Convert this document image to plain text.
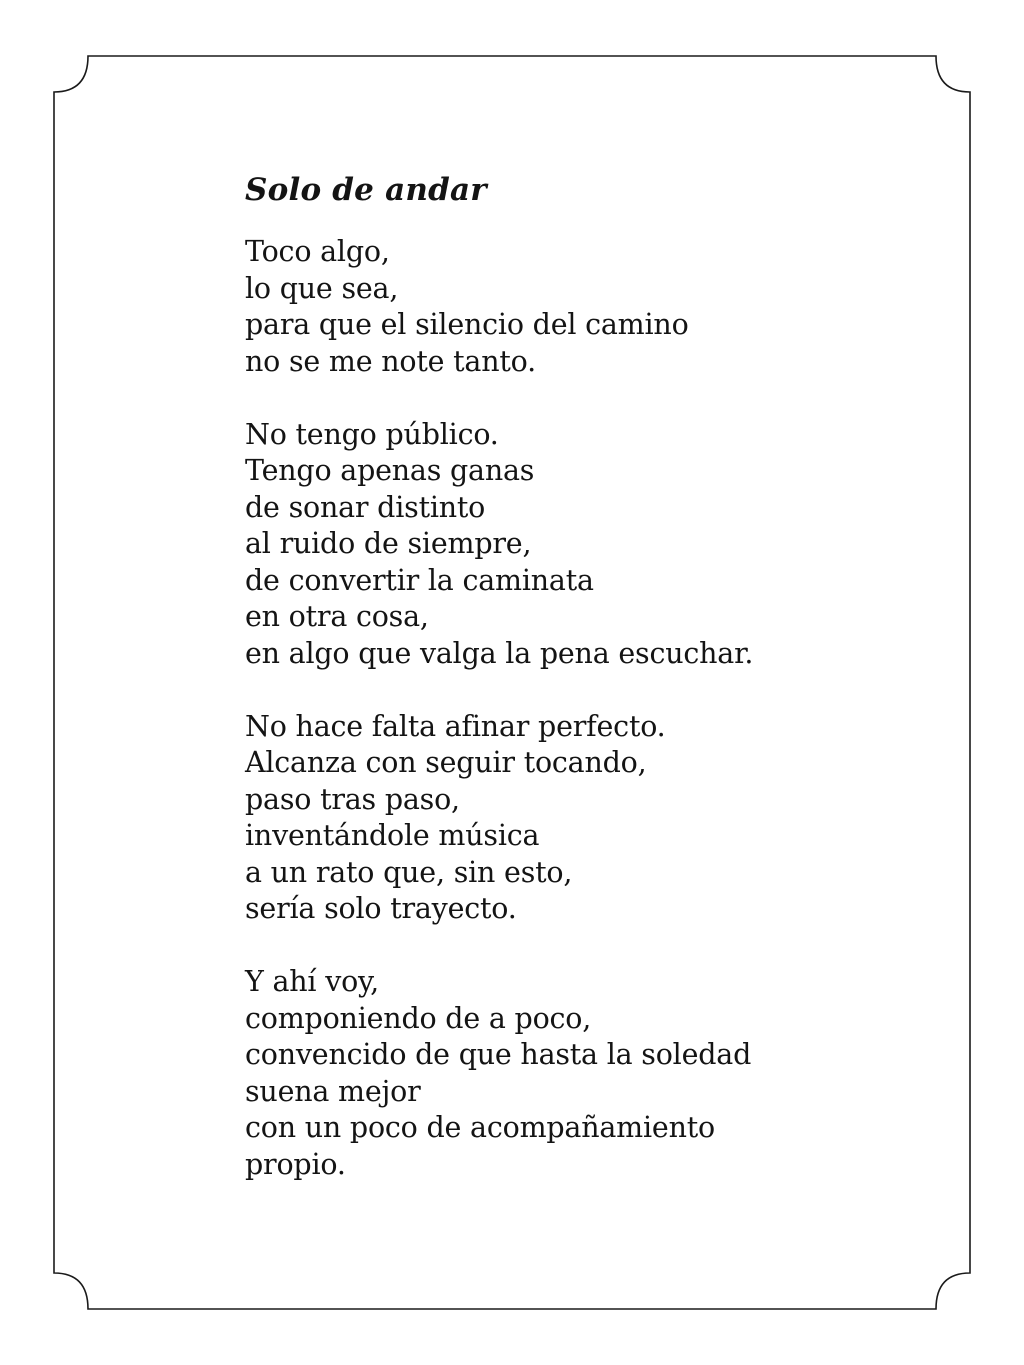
Solo de andar
Toco algo,
lo que sea,
para que el silencio del camino
no se me note tanto.
No tengo público.
Tengo apenas ganas
de sonar distinto
al ruido de siempre,
de convertir la caminata
en otra cosa,
en algo que valga la pena escuchar.
No hace falta afinar perfecto.
Alcanza con seguir tocando,
paso tras paso,
inventándole música
a un rato que, sin esto,
sería solo trayecto.
Y ahí voy,
componiendo de a poco,
convencido de que hasta la soledad
suena mejor
con un poco de acompañamiento
propio.
